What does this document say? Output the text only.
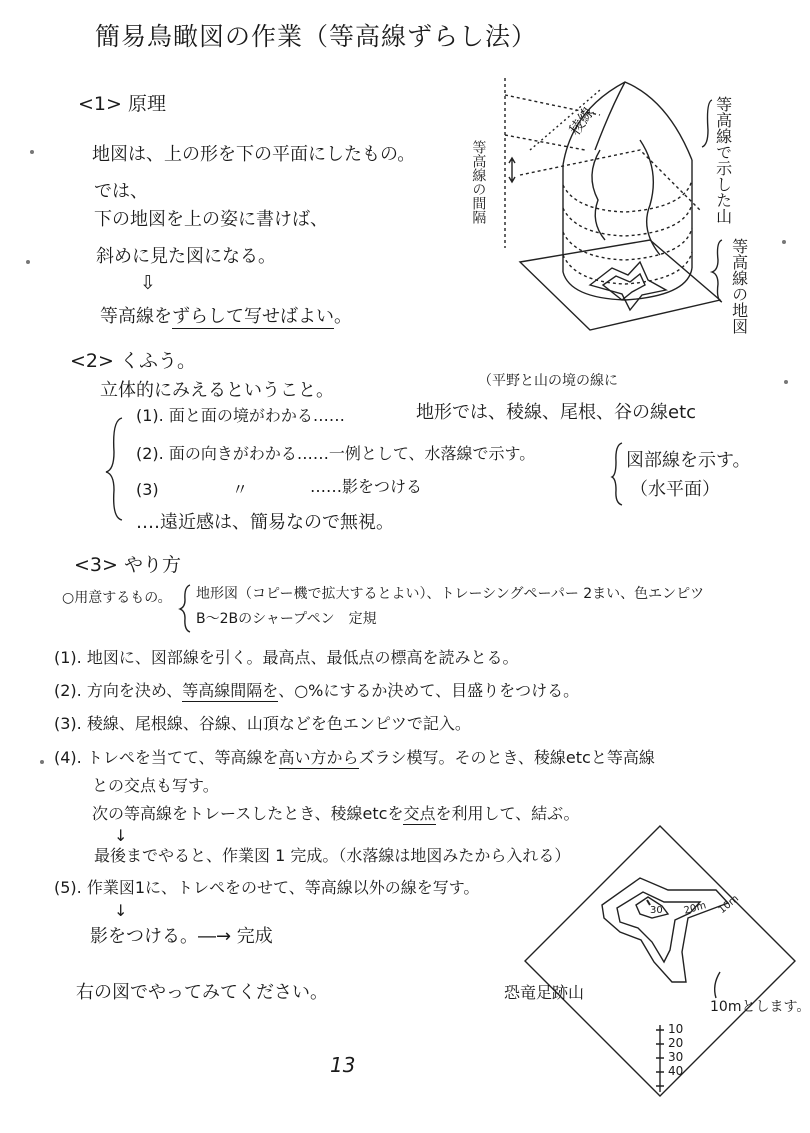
簡易鳥瞰図の作業（等高線ずらし法）
<1> 原理
地図は、上の形を下の平面にしたもの。
では、
下の地図を上の姿に書けば、
斜めに見た図になる。
⇩
等高線をずらして写せばよい。
稜線
等高線の間隔	等高線で示した山
等高線の地図
<2> くふう。
立体的にみえるということ。	（平野と山の境の線に
(1). 面と面の境がわかる‥‥‥	地形では、稜線、尾根、谷の線etc
(2). 面の向きがわかる‥‥‥一例として、水落線で示す。
(3)	〃	‥‥‥影をつける
図部線を示す。
（水平面）
‥‥遠近感は、簡易なので無視。
<3> やり方
○用意するもの。 地形図（コピー機で拡大するとよい）、トレーシングペーパー 2まい、色エンピツ
B～2Bのシャープペン　定規
(1). 地図に、図部線を引く。最高点、最低点の標高を読みとる。
(2). 方向を決め、等高線間隔を、○%にするか決めて、目盛りをつける。
(3). 稜線、尾根線、谷線、山頂などを色エンピツで記入。
(4). トレペを当てて、等高線を高い方からズラシ模写。そのとき、稜線etcと等高線
との交点も写す。
次の等高線をトレースしたとき、稜線etcを交点を利用して、結ぶ。
↓
最後までやると、作業図 1 完成。（水落線は地図みたから入れる）
(5). 作業図1に、トレペをのせて、等高線以外の線を写す。
↓
影をつける。―→ 完成
右の図でやってみてください。	恐竜足跡山
30 20m 10m
10mとします。
10
20
30
40
13
